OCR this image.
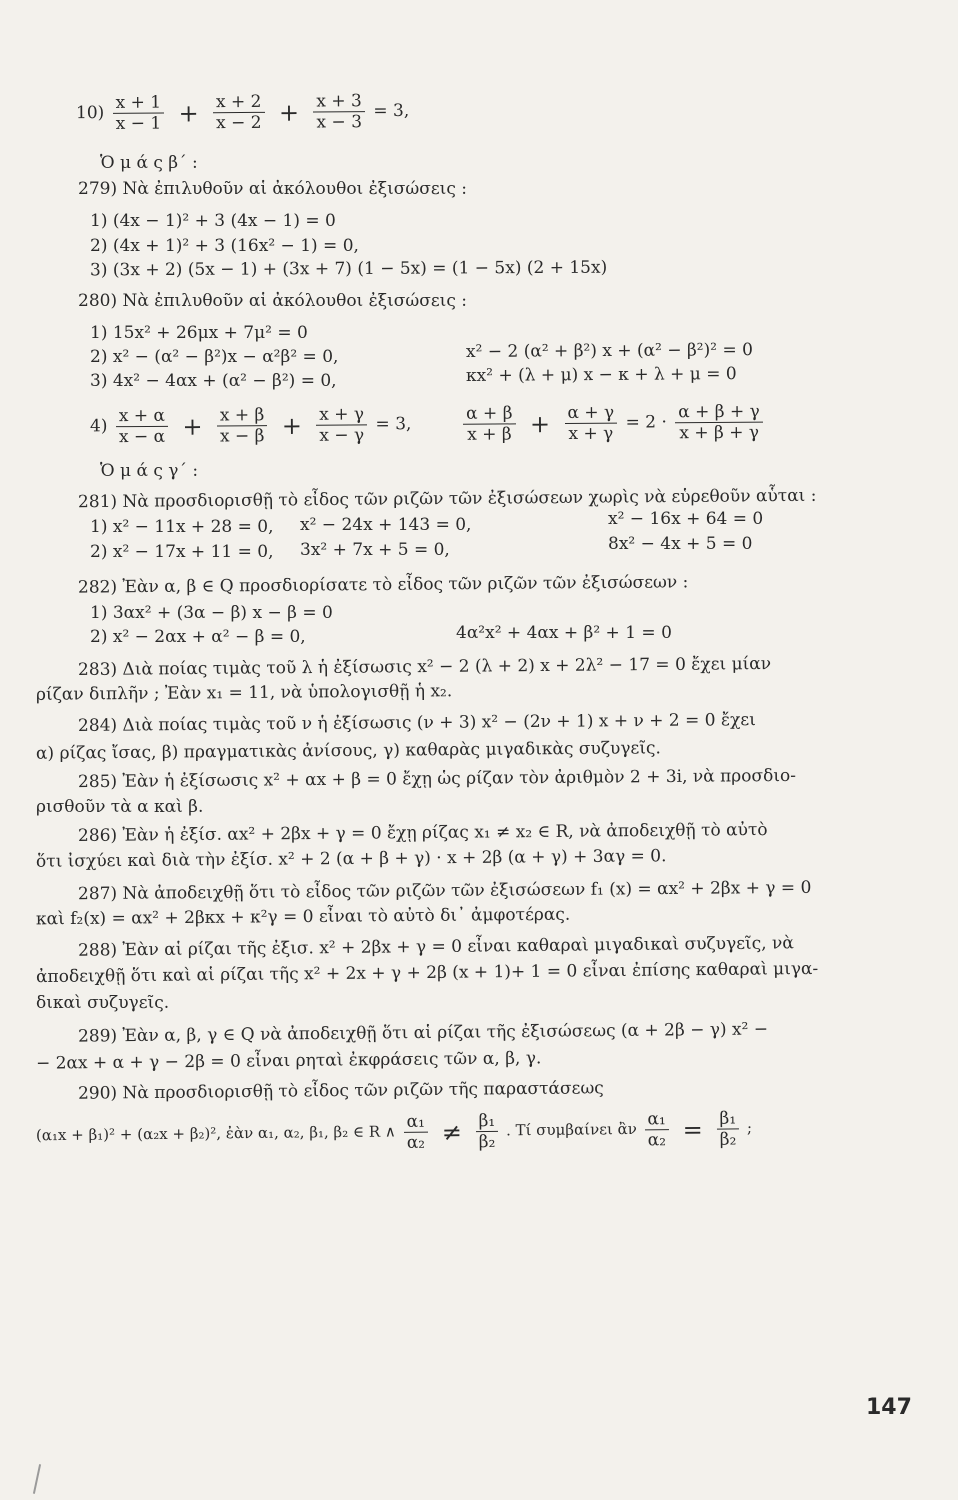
$10) \frac{x + 1}{x - 1} + \frac{x + 2}{x - 2} + \frac{x + 3}{x - 3} = 3$,
Ὁ μ ά ς β΄ :
279) Νὰ ἐπιλυθοῦν αἱ ἀκόλουθοι ἐξισώσεις :
1) (4x − 1)² + 3 (4x − 1) = 0
2) (4x + 1)² + 3 (16x² − 1) = 0,
3) (3x + 2) (5x − 1) + (3x + 7) (1 − 5x) = (1 − 5x) (2 + 15x)
280) Νὰ ἐπιλυθοῦν αἱ ἀκόλουθοι ἐξισώσεις :
1) 15x² + 26μx + 7μ² = 0
2) x² − (α² − β²)x − α²β² = 0,	x² − 2 (α² + β²) x + (α² − β²)² = 0
3) 4x² − 4αx + (α² − β²) = 0,	κx² + (λ + μ) x − κ + λ + μ = 0
$4) \frac{x + \alpha}{x - \alpha} + \frac{x + \beta}{x - \beta} + \frac{x + \gamma}{x - \gamma} = 3$,	$\frac{\alpha + \beta}{x + \beta} + \frac{\alpha + \gamma}{x + \gamma} = 2 \cdot \frac{\alpha + \beta + \gamma}{x + \beta + \gamma}$
Ὁ μ ά ς γ΄ :
281) Νὰ προσδιορισθῇ τὸ εἶδος τῶν ριζῶν τῶν ἐξισώσεων χωρὶς νὰ εὑρεθοῦν αὗται :
1) x² − 11x + 28 = 0, x² − 24x + 143 = 0,	x² − 16x + 64 = 0
2) x² − 17x + 11 = 0, 3x² + 7x + 5 = 0,	8x² − 4x + 5 = 0
282) Ἐὰν α, β ∈ Q προσδιορίσατε τὸ εἶδος τῶν ριζῶν τῶν ἐξισώσεων :
1) 3αx² + (3α − β) x − β = 0
2) x² − 2αx + α² − β = 0,	4α²x² + 4αx + β² + 1 = 0
283) Διὰ ποίας τιμὰς τοῦ λ ἡ ἐξίσωσις x² − 2 (λ + 2) x + 2λ² − 17 = 0 ἔχει μίαν
ρίζαν διπλῆν ; Ἐὰν x₁ = 11, νὰ ὑπολογισθῇ ἡ x₂.
284) Διὰ ποίας τιμὰς τοῦ ν ἡ ἐξίσωσις (ν + 3) x² − (2ν + 1) x + ν + 2 = 0 ἔχει
α) ρίζας ἴσας, β) πραγματικὰς ἀνίσους, γ) καθαρὰς μιγαδικὰς συζυγεῖς.
285) Ἐὰν ἡ ἐξίσωσις x² + αx + β = 0 ἔχῃ ὡς ρίζαν τὸν ἀριθμὸν 2 + 3i, νὰ προσδιο-
ρισθοῦν τὰ α καὶ β.
286) Ἐὰν ἡ ἐξίσ. αx² + 2βx + γ = 0 ἔχῃ ρίζας x₁ ≠ x₂ ∈ R, νὰ ἀποδειχθῇ τὸ αὐτὸ
ὅτι ἰσχύει καὶ διὰ τὴν ἐξίσ. x² + 2 (α + β + γ) · x + 2β (α + γ) + 3αγ = 0.
287) Νὰ ἀποδειχθῇ ὅτι τὸ εἶδος τῶν ριζῶν τῶν ἐξισώσεων f₁ (x) = αx² + 2βx + γ = 0
καὶ f₂(x) = αx² + 2βκx + κ²γ = 0 εἶναι τὸ αὐτὸ δι᾿ ἀμφοτέρας.
288) Ἐὰν αἱ ρίζαι τῆς ἐξισ. x² + 2βx + γ = 0 εἶναι καθαραὶ μιγαδικαὶ συζυγεῖς, νὰ
ἀποδειχθῇ ὅτι καὶ αἱ ρίζαι τῆς x² + 2x + γ + 2β (x + 1)+ 1 = 0 εἶναι ἐπίσης καθαραὶ μιγα-
δικαὶ συζυγεῖς.
289) Ἐὰν α, β, γ ∈ Q νὰ ἀποδειχθῇ ὅτι αἱ ρίζαι τῆς ἐξισώσεως (α + 2β − γ) x² −
− 2αx + α + γ − 2β = 0 εἶναι ρηταὶ ἐκφράσεις τῶν α, β, γ.
290) Νὰ προσδιορισθῇ τὸ εἶδος τῶν ριζῶν τῆς παραστάσεως
(α₁x + β₁)² + (α₂x + β₂)², ἐὰν α₁, α₂, β₁, β₂ ∈ R ∧ $\frac{\text{α₁}}{\text{α₂}} \ne \frac{\text{β₁}}{\text{β₂}}$ . Τί συμβαίνει ἂν $\frac{\text{α₁}}{\text{α₂}} = \frac{\text{β₁}}{\text{β₂}}$ ;
147
